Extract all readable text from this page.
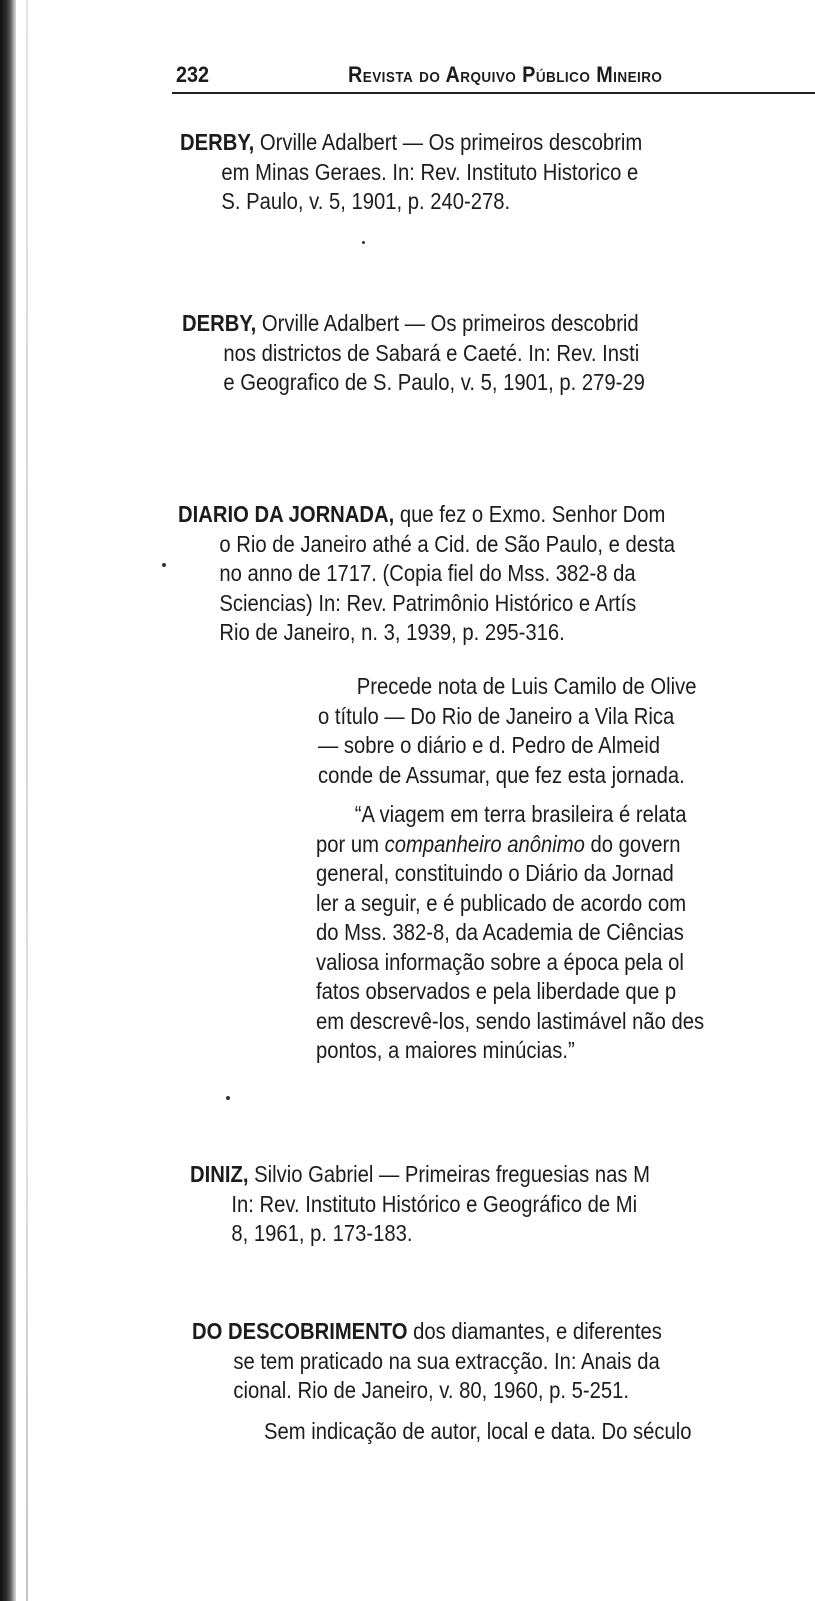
232	Revista do Arquivo Público Mineiro
DERBY, Orville Adalbert — Os primeiros descobrim
em Minas Geraes. In: Rev. Instituto Historico e
S. Paulo, v. 5, 1901, p. 240-278.
DERBY, Orville Adalbert — Os primeiros descobrid
nos districtos de Sabará e Caeté. In: Rev. Insti
e Geografico de S. Paulo, v. 5, 1901, p. 279-29
DIARIO DA JORNADA, que fez o Exmo. Senhor Dom
o Rio de Janeiro athé a Cid. de São Paulo, e desta
no anno de 1717. (Copia fiel do Mss. 382-8 da
Sciencias) In: Rev. Patrimônio Histórico e Artís
Rio de Janeiro, n. 3, 1939, p. 295-316.
Precede nota de Luis Camilo de Olive
o título — Do Rio de Janeiro a Vila Rica
— sobre o diário e d. Pedro de Almeid
conde de Assumar, que fez esta jornada.
“A viagem em terra brasileira é relata
por um companheiro anônimo do govern
general, constituindo o Diário da Jornad
ler a seguir, e é publicado de acordo com
do Mss. 382-8, da Academia de Ciências
valiosa informação sobre a época pela ol
fatos observados e pela liberdade que p
em descrevê-los, sendo lastimável não des
pontos, a maiores minúcias.”
DINIZ, Silvio Gabriel — Primeiras freguesias nas M
In: Rev. Instituto Histórico e Geográfico de Mi
8, 1961, p. 173-183.
DO DESCOBRIMENTO dos diamantes, e diferentes
se tem praticado na sua extracção. In: Anais da
cional. Rio de Janeiro, v. 80, 1960, p. 5-251.
Sem indicação de autor, local e data. Do século
